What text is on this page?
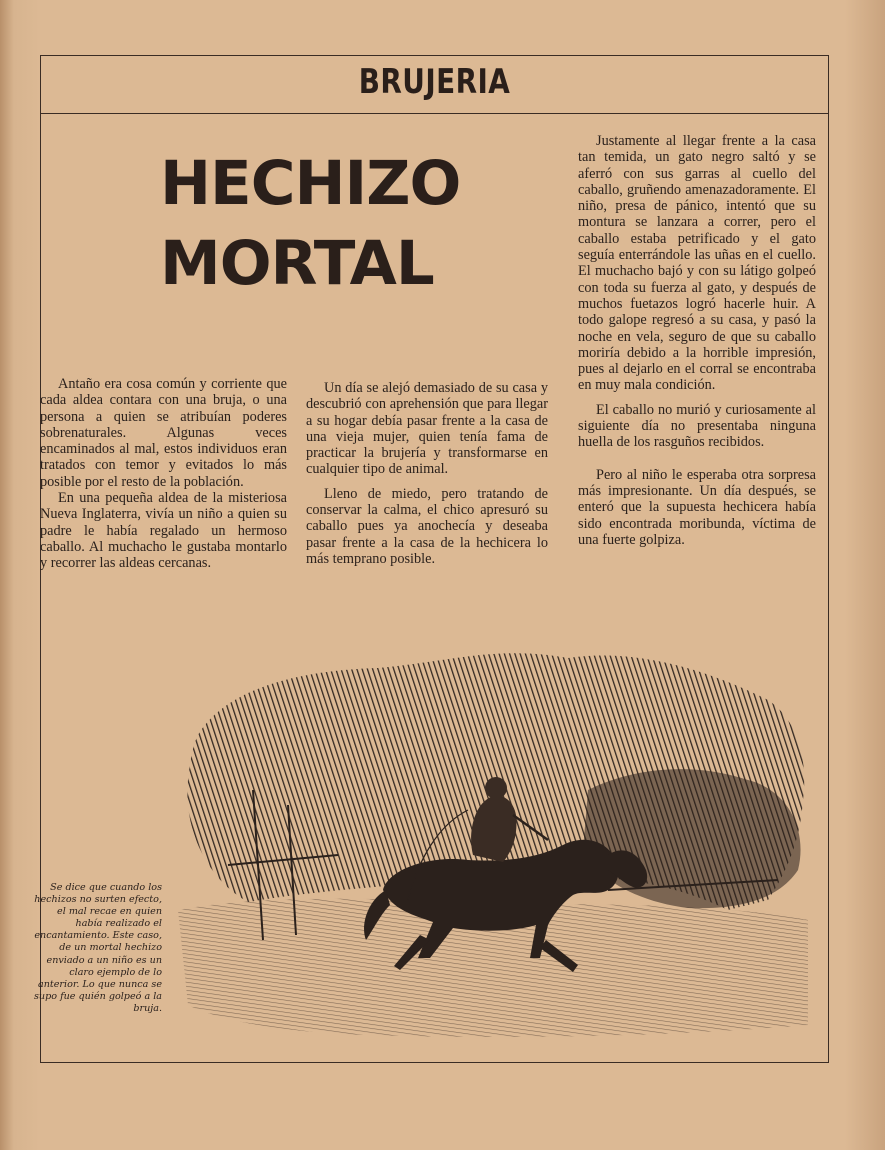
BRUJERIA
HECHIZO
MORTAL

Antaño era cosa común y corriente que cada aldea contara con una bruja, o una persona a quien se atribuían poderes sobrenaturales. Algunas veces encaminados al mal, estos individuos eran tratados con temor y evitados lo más posible por el resto de la población.

En una pequeña aldea de la misteriosa Nueva Inglaterra, vivía un niño a quien su padre le había regalado un hermoso caballo. Al muchacho le gustaba montarlo y recorrer las aldeas cercanas.

Un día se alejó demasiado de su casa y descubrió con aprehensión que para llegar a su hogar debía pasar frente a la casa de una vieja mujer, quien tenía fama de practicar la brujería y transformarse en cualquier tipo de animal.

Lleno de miedo, pero tratando de conservar la calma, el chico apresuró su caballo pues ya anochecía y deseaba pasar frente a la casa de la hechicera lo más temprano posible.

Justamente al llegar frente a la casa tan temida, un gato negro saltó y se aferró con sus garras al cuello del caballo, gruñendo amenazadoramente. El niño, presa de pánico, intentó que su montura se lanzara a correr, pero el caballo estaba petrificado y el gato seguía enterrándole las uñas en el cuello. El muchacho bajó y con su látigo golpeó con toda su fuerza al gato, y después de muchos fuetazos logró hacerle huir. A todo galope regresó a su casa, y pasó la noche en vela, seguro de que su caballo moriría debido a la horrible impresión, pues al dejarlo en el corral se encontraba en muy mala condición.

El caballo no murió y curiosamente al siguiente día no presentaba ninguna huella de los rasguños recibidos.

Pero al niño le esperaba otra sorpresa más impresionante. Un día después, se enteró que la supuesta hechicera había sido encontrada moribunda, víctima de una fuerte golpiza.

Se dice que cuando los hechizos no surten efecto, el mal recae en quien había realizado el encantamiento. Este caso, de un mortal hechizo enviado a un niño es un claro ejemplo de lo anterior. Lo que nunca se supo fue quién golpeó a la bruja.
